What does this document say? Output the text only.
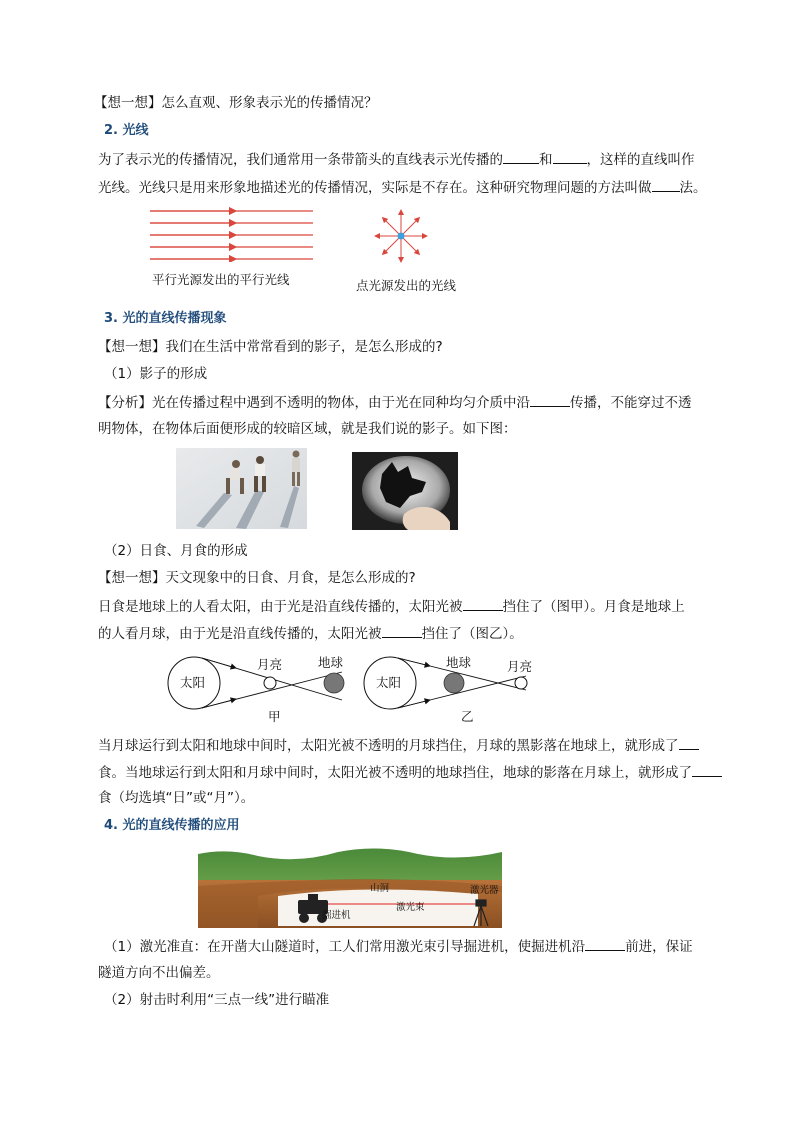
【想一想】怎么直观、形象表示光的传播情况？
2. 光线
为了表示光的传播情况，我们通常用一条带箭头的直线表示光传播的	和	，这样的直线叫作
光线。光线只是用来形象地描述光的传播情况，实际是不存在。这种研究物理问题的方法叫做 法。
平行光源发出的平行光线	点光源发出的光线
3. 光的直线传播现象
【想一想】我们在生活中常常看到的影子，是怎么形成的?
（1）影子的形成
【分析】光在传播过程中遇到不透明的物体，由于光在同种均匀介质中沿	传播，不能穿过不透
明物体，在物体后面便形成的较暗区域，就是我们说的影子。如下图：
（2）日食、月食的形成
【想一想】天文现象中的日食、月食，是怎么形成的?
日食是地球上的人看太阳，由于光是沿直线传播的，太阳光被	挡住了（图甲）。月食是地球上
的人看月球，由于光是沿直线传播的，太阳光被	挡住了（图乙）。
太阳
月亮	地球
太阳
地球	月亮
甲	乙
当月球运行到太阳和地球中间时，太阳光被不透明的月球挡住，月球的黑影落在地球上，就形成了
食。当地球运行到太阳和月球中间时，太阳光被不透明的地球挡住，地球的影落在月球上，就形成了
食（均选填“日”或“月”）。
4. 光的直线传播的应用
山洞	激光器
激光束
掘进机
（1）激光准直：在开凿大山隧道时，工人们常用激光束引导掘进机，使掘进机沿	前进，保证
隧道方向不出偏差。
（2）射击时利用“三点一线”进行瞄准
